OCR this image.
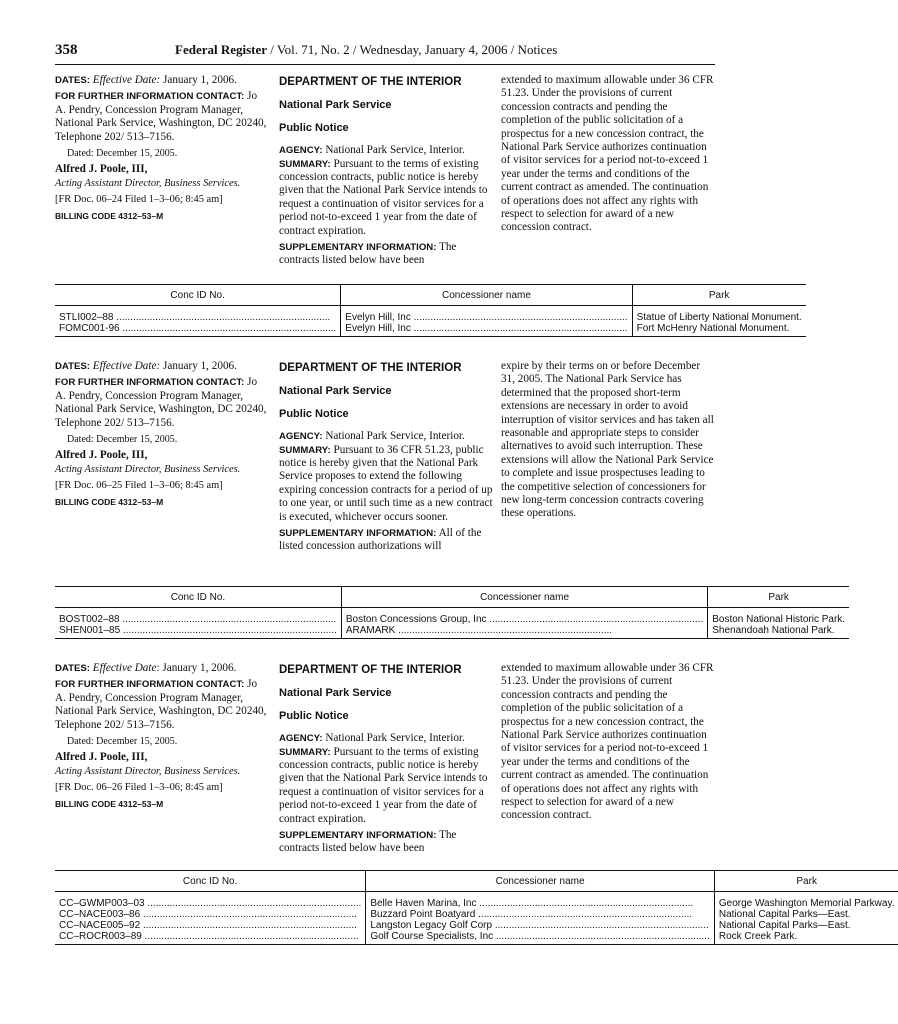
358	Federal Register / Vol. 71, No. 2 / Wednesday, January 4, 2006 / Notices

DATES: Effective Date: January 1, 2006.

FOR FURTHER INFORMATION CONTACT: Jo A. Pendry, Concession Program Manager, National Park Service, Washington, DC 20240, Telephone 202/ 513–7156.

Dated: December 15, 2005.

Alfred J. Poole, III,

Acting Assistant Director, Business Services.

[FR Doc. 06–24 Filed 1–3–06; 8:45 am]

BILLING CODE 4312–53–M

DEPARTMENT OF THE INTERIOR
National Park Service
Public Notice

AGENCY: National Park Service, Interior.

SUMMARY: Pursuant to the terms of existing concession contracts, public notice is hereby given that the National Park Service intends to request a continuation of visitor services for a period not-to-exceed 1 year from the date of contract expiration.

SUPPLEMENTARY INFORMATION: The contracts listed below have been

extended to maximum allowable under 36 CFR 51.23. Under the provisions of current concession contracts and pending the completion of the public solicitation of a prospectus for a new concession contract, the National Park Service authorizes continuation of visitor services for a period not-to-exceed 1 year under the terms and conditions of the current contract as amended. The continuation of operations does not affect any rights with respect to selection for award of a new concession contract.

Conc ID No.	Concessioner name	Park
STLI002–88 .............................................................................	Evelyn Hill, Inc .............................................................................	Statue of Liberty National Monument.
FOMC001-96 .............................................................................	Evelyn Hill, Inc .............................................................................	Fort McHenry National Monument.

DATES: Effective Date: January 1, 2006.

FOR FURTHER INFORMATION CONTACT: Jo A. Pendry, Concession Program Manager, National Park Service, Washington, DC 20240, Telephone 202/ 513–7156.

Dated: December 15, 2005.

Alfred J. Poole, III,

Acting Assistant Director, Business Services.

[FR Doc. 06–25 Filed 1–3–06; 8:45 am]

BILLING CODE 4312–53–M

DEPARTMENT OF THE INTERIOR
National Park Service
Public Notice

AGENCY: National Park Service, Interior.

SUMMARY: Pursuant to 36 CFR 51.23, public notice is hereby given that the National Park Service proposes to extend the following expiring concession contracts for a period of up to one year, or until such time as a new contract is executed, whichever occurs sooner.

SUPPLEMENTARY INFORMATION: All of the listed concession authorizations will

expire by their terms on or before December 31, 2005. The National Park Service has determined that the proposed short-term extensions are necessary in order to avoid interruption of visitor services and has taken all reasonable and appropriate steps to consider alternatives to avoid such interruption. These extensions will allow the National Park Service to complete and issue prospectuses leading to the competitive selection of concessioners for new long-term concession contracts covering these operations.

Conc ID No.	Concessioner name	Park
BOST002–88 .............................................................................	Boston Concessions Group, Inc .............................................................................	Boston National Historic Park.
SHEN001–85 .............................................................................	ARAMARK .............................................................................	Shenandoah National Park.

DATES: Effective Date: January 1, 2006.

FOR FURTHER INFORMATION CONTACT: Jo A. Pendry, Concession Program Manager, National Park Service, Washington, DC 20240, Telephone 202/ 513–7156.

Dated: December 15, 2005.

Alfred J. Poole, III,

Acting Assistant Director, Business Services.

[FR Doc. 06–26 Filed 1–3–06; 8:45 am]

BILLING CODE 4312–53–M

DEPARTMENT OF THE INTERIOR
National Park Service
Public Notice

AGENCY: National Park Service, Interior.

SUMMARY: Pursuant to the terms of existing concession contracts, public notice is hereby given that the National Park Service intends to request a continuation of visitor services for a period not-to-exceed 1 year from the date of contract expiration.

SUPPLEMENTARY INFORMATION: The contracts listed below have been

extended to maximum allowable under 36 CFR 51.23. Under the provisions of current concession contracts and pending the completion of the public solicitation of a prospectus for a new concession contract, the National Park Service authorizes continuation of visitor services for a period not-to-exceed 1 year under the terms and conditions of the current contract as amended. The continuation of operations does not affect any rights with respect to selection for award of a new concession contract.

Conc ID No.	Concessioner name	Park
CC–GWMP003–03 .............................................................................	Belle Haven Marina, Inc .............................................................................	George Washington Memorial Parkway.
CC–NACE003–86 .............................................................................	Buzzard Point Boatyard .............................................................................	National Capital Parks—East.
CC–NACE005–92 .............................................................................	Langston Legacy Golf Corp .............................................................................	National Capital Parks—East.
CC–ROCR003–89 .............................................................................	Golf Course Specialists, Inc .............................................................................	Rock Creek Park.
